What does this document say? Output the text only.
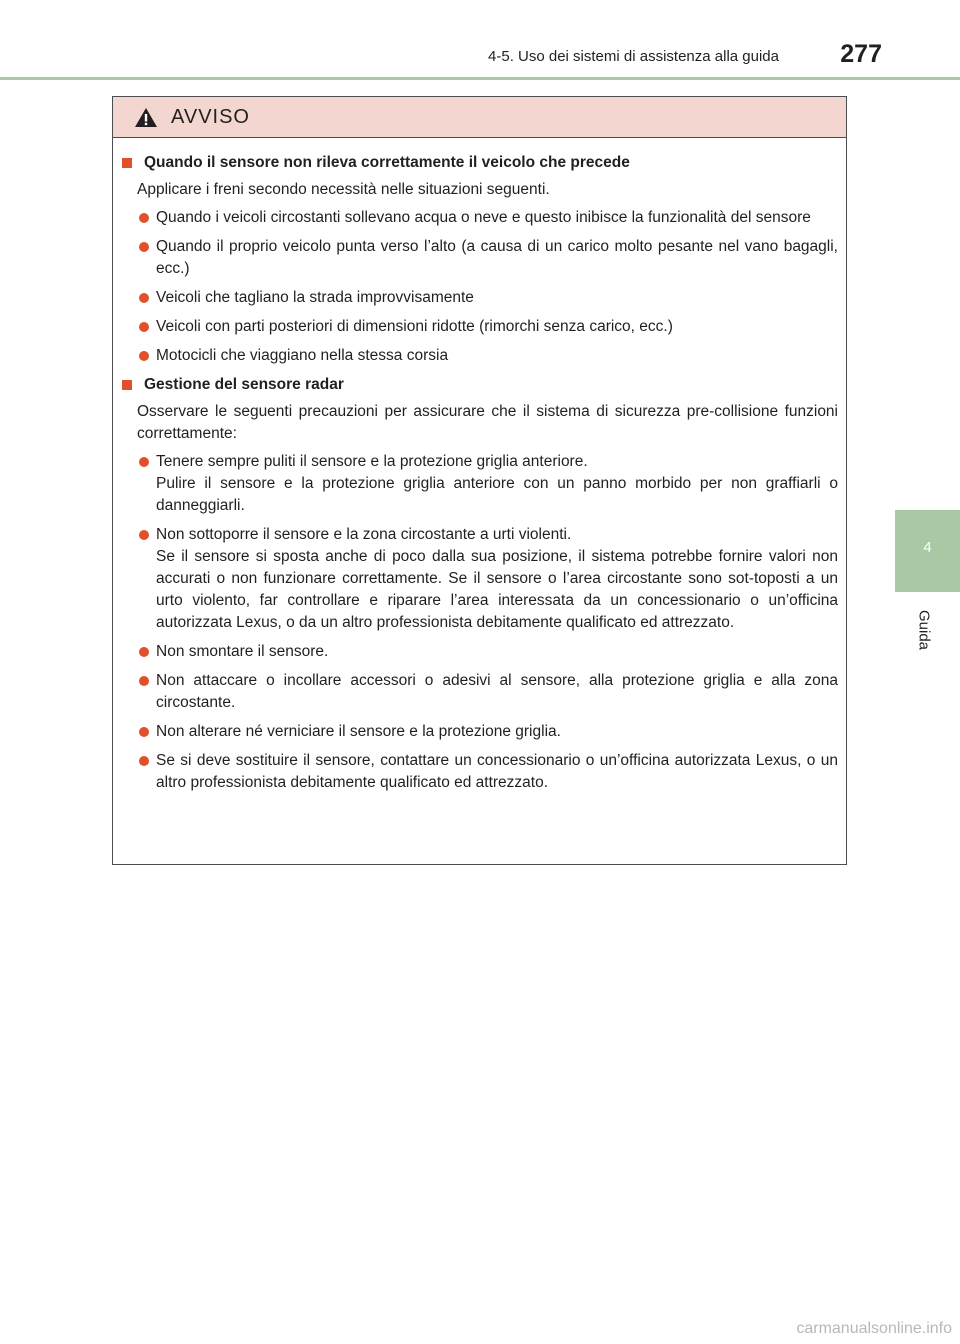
4-5. Uso dei sistemi di assistenza alla guida 277
4
Guida
AVVISO
Quando il sensore non rileva correttamente il veicolo che precede
Applicare i freni secondo necessità nelle situazioni seguenti.
Quando i veicoli circostanti sollevano acqua o neve e questo inibisce la funzionalità del sensore
Quando il proprio veicolo punta verso l’alto (a causa di un carico molto pesante nel vano bagagli, ecc.)
Veicoli che tagliano la strada improvvisamente
Veicoli con parti posteriori di dimensioni ridotte (rimorchi senza carico, ecc.)
Motocicli che viaggiano nella stessa corsia
Gestione del sensore radar
Osservare le seguenti precauzioni per assicurare che il sistema di sicurezza pre-collisione funzioni correttamente:
Tenere sempre puliti il sensore e la protezione griglia anteriore.
Pulire il sensore e la protezione griglia anteriore con un panno morbido per non graffiarli o danneggiarli.
Non sottoporre il sensore e la zona circostante a urti violenti.
Se il sensore si sposta anche di poco dalla sua posizione, il sistema potrebbe fornire valori non accurati o non funzionare correttamente. Se il sensore o l’area circostante sono sot-toposti a un urto violento, far controllare e riparare l’area interessata da un concessionario o un’officina autorizzata Lexus, o da un altro professionista debitamente qualificato ed attrezzato.
Non smontare il sensore.
Non attaccare o incollare accessori o adesivi al sensore, alla protezione griglia e alla zona circostante.
Non alterare né verniciare il sensore e la protezione griglia.
Se si deve sostituire il sensore, contattare un concessionario o un’officina autorizzata Lexus, o un altro professionista debitamente qualificato ed attrezzato.
carmanualsonline.info
